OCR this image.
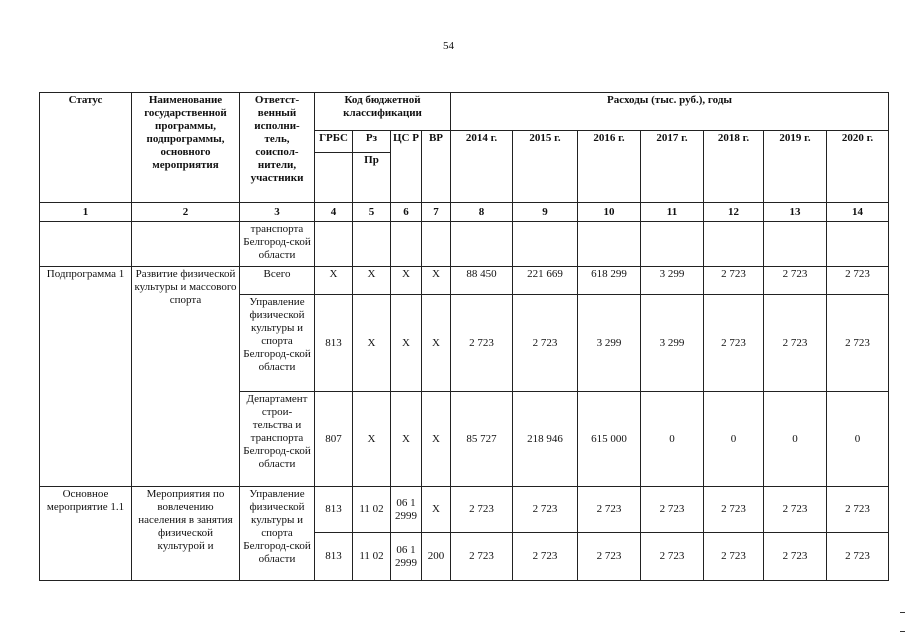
54
Статус	Наименование государственной программы, подпрограммы, основного мероприятия	Ответст-венный исполни-тель, соиспол-нители, участники	Код бюджетной классификации				Расходы (тыс. руб.), годы						
			ГРБС	Рз	ЦС Р	ВР	2014 г.	2015 г.	2016 г.	2017 г.	2018 г.	2019 г.	2020 г.
				Пр									
1	2	3	4	5	6	7	8	9	10	11	12	13	14
		транспорта Белгород-ской области											
Подпрограмма 1	Развитие физической культуры и массового спорта	Всего	Х	Х	Х	Х	88 450	221 669	618 299	3 299	2 723	2 723	2 723
		Управление физической культуры и спорта Белгород-ской области	813	Х	Х	Х	2 723	2 723	3 299	3 299	2 723	2 723	2 723
		Департамент строи-тельства и транспорта Белгород-ской области	807	Х	Х	Х	85 727	218 946	615 000	0	0	0	0
Основное мероприятие 1.1	Мероприятия по вовлечению населения в занятия физической культурой и	Управление физической культуры и спорта Белгород-ской области	813	11 02	06 1 2999	Х	2 723	2 723	2 723	2 723	2 723	2 723	2 723
			813	11 02	06 1 2999	200	2 723	2 723	2 723	2 723	2 723	2 723	2 723
